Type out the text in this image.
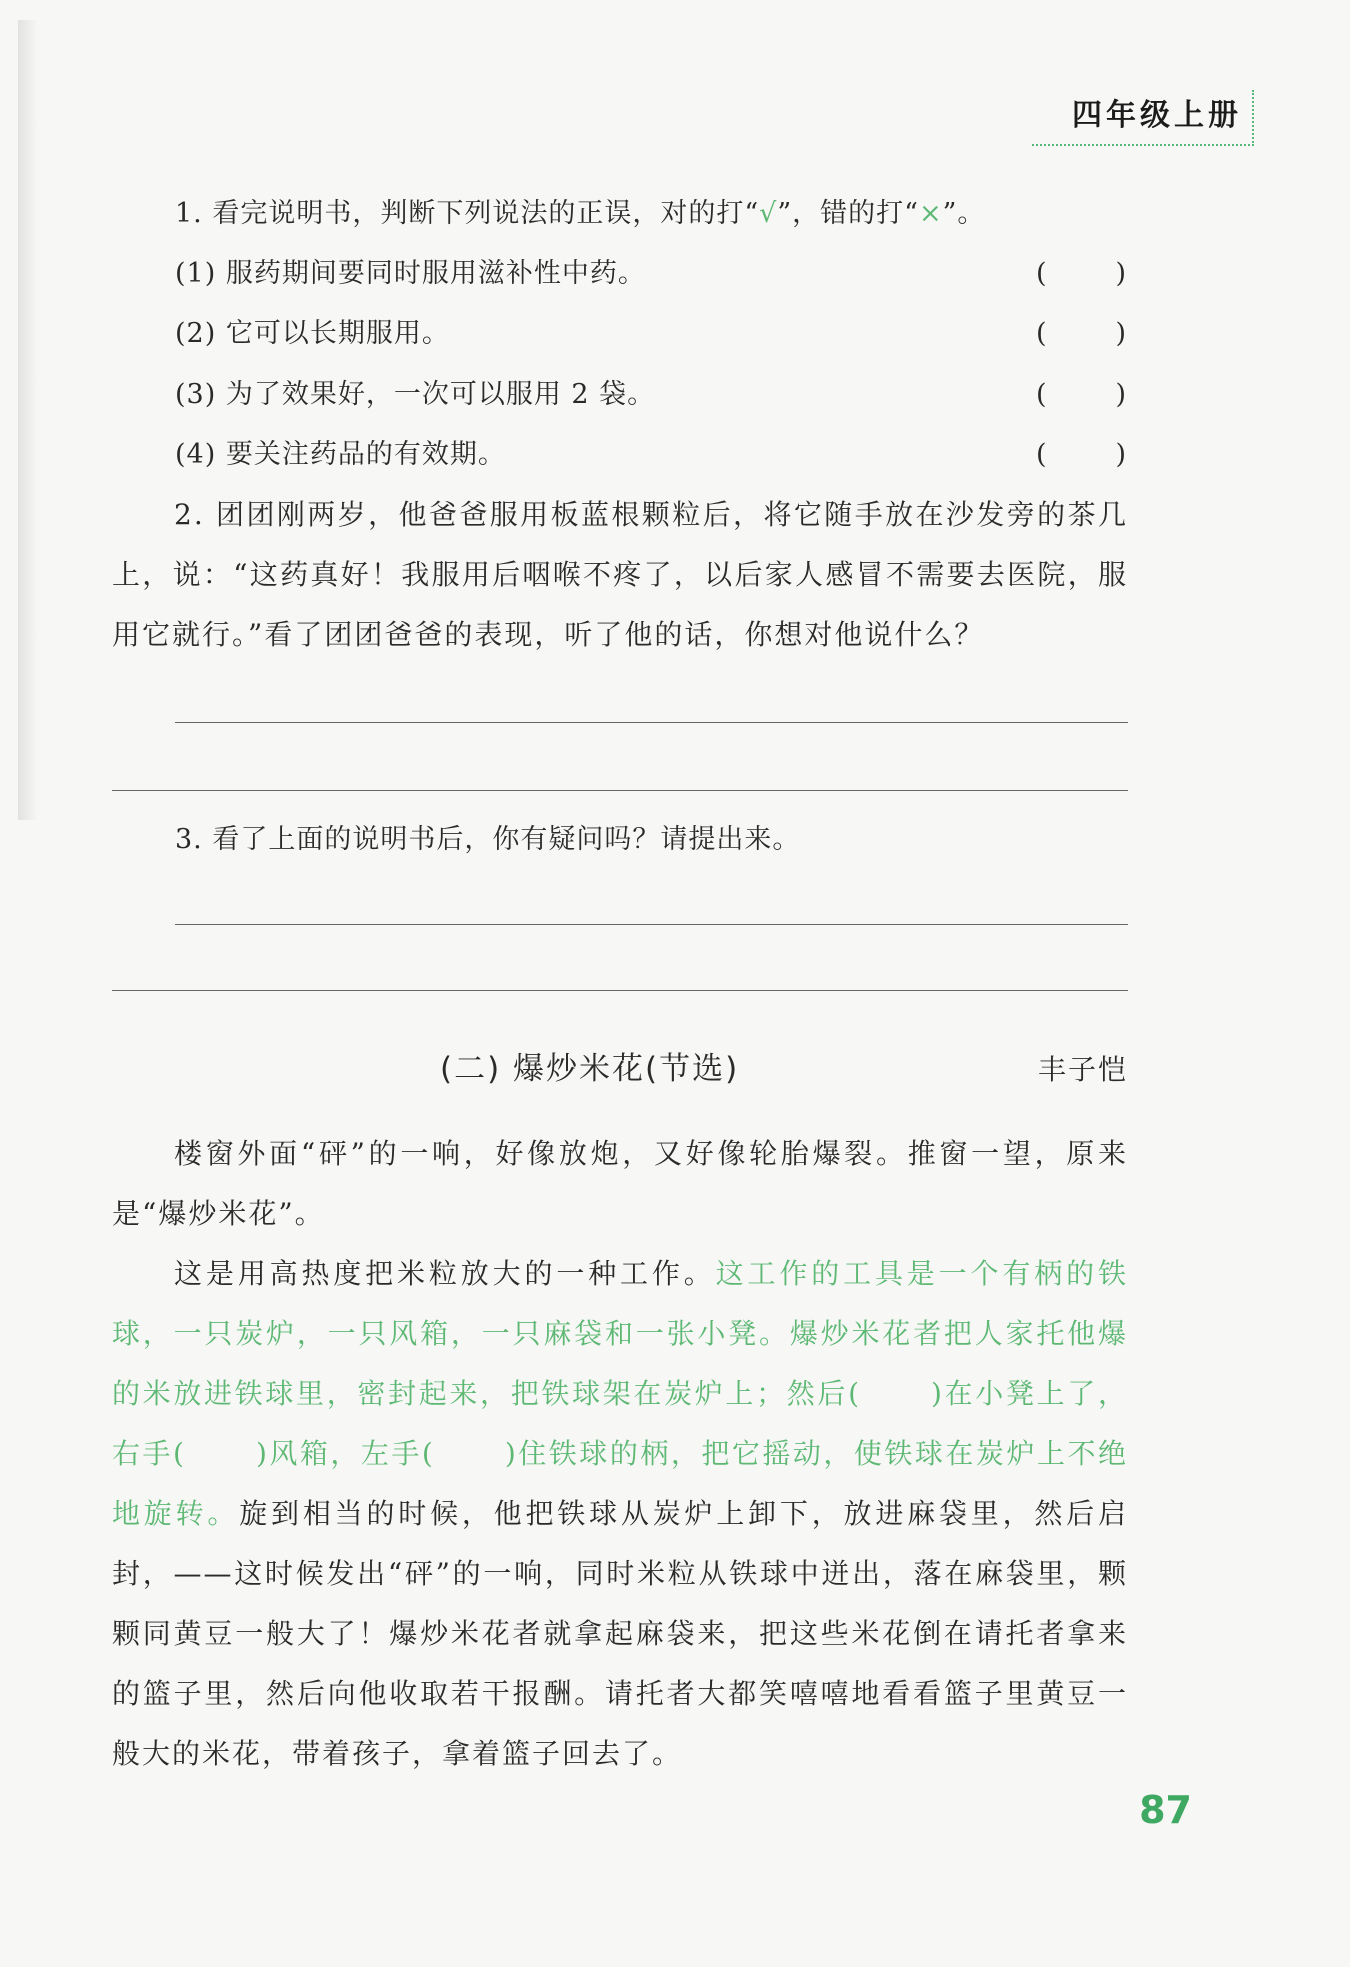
四年级上册
1. 看完说明书，判断下列说法的正误，对的打“√”，错的打“×”。
(1) 服药期间要同时服用滋补性中药。	(	)
(2) 它可以长期服用。	(	)
(3) 为了效果好，一次可以服用 2 袋。	(	)
(4) 要关注药品的有效期。	(	)
2. 团团刚两岁，他爸爸服用板蓝根颗粒后，将它随手放在沙发旁的茶几上，说：“这药真好！我服用后咽喉不疼了，以后家人感冒不需要去医院，服用它就行。”看了团团爸爸的表现，听了他的话，你想对他说什么？
3. 看了上面的说明书后，你有疑问吗？请提出来。
(二) 爆炒米花(节选)	丰子恺
楼窗外面“砰”的一响，好像放炮，又好像轮胎爆裂。推窗一望，原来是“爆炒米花”。
这是用高热度把米粒放大的一种工作。这工作的工具是一个有柄的铁球，一只炭炉，一只风箱，一只麻袋和一张小凳。爆炒米花者把人家托他爆的米放进铁球里，密封起来，把铁球架在炭炉上；然后(	)在小凳上了，右手(	)风箱，左手(	)住铁球的柄，把它摇动，使铁球在炭炉上不绝地旋转。旋到相当的时候，他把铁球从炭炉上卸下，放进麻袋里，然后启封，——这时候发出“砰”的一响，同时米粒从铁球中迸出，落在麻袋里，颗颗同黄豆一般大了！爆炒米花者就拿起麻袋来，把这些米花倒在请托者拿来的篮子里，然后向他收取若干报酬。请托者大都笑嘻嘻地看看篮子里黄豆一般大的米花，带着孩子，拿着篮子回去了。
87
